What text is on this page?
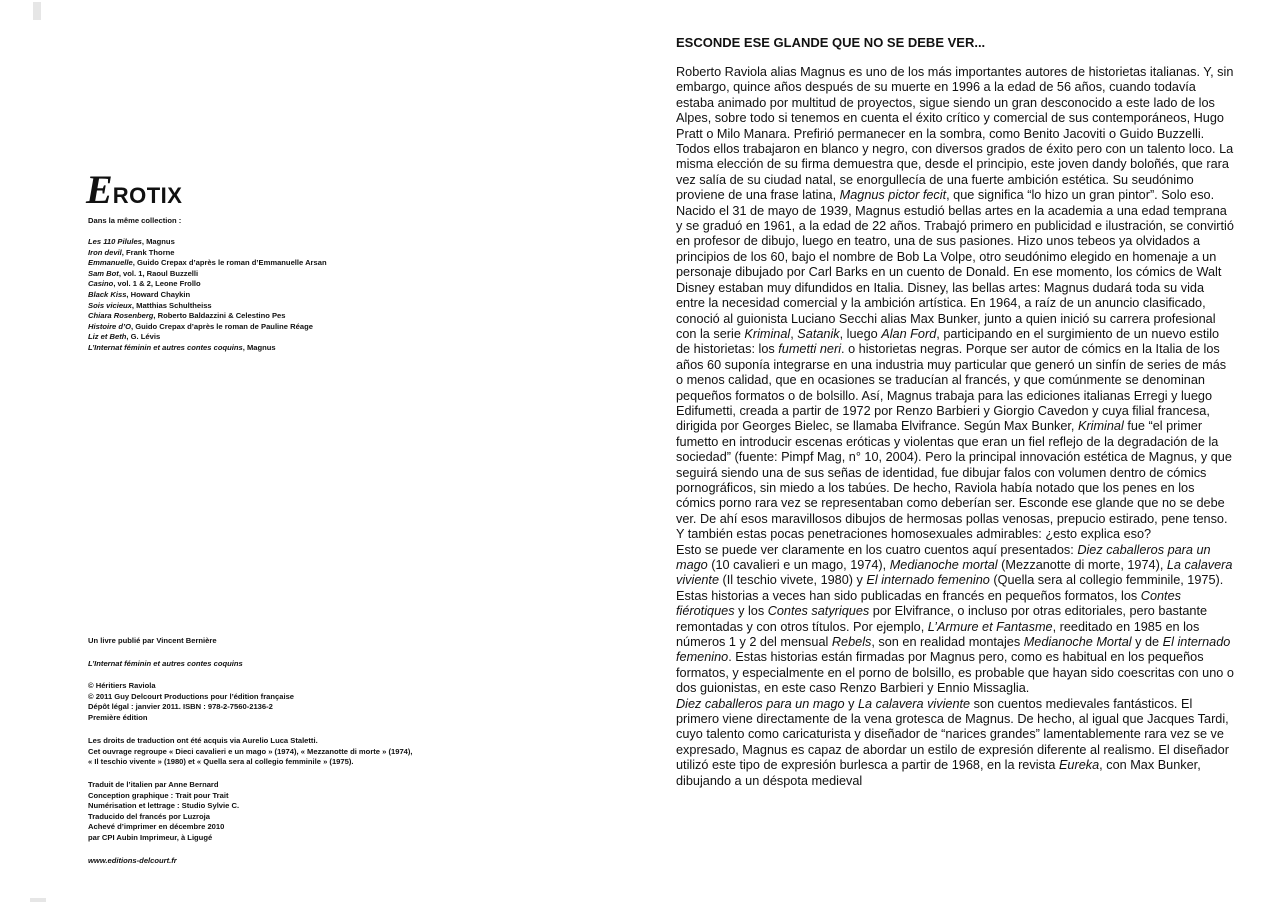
EROTIX
Dans la même collection :
Les 110 Pilules, Magnus
Iron devil, Frank Thorne
Emmanuelle, Guido Crepax d’après le roman d’Emmanuelle Arsan
Sam Bot, vol. 1, Raoul Buzzelli
Casino, vol. 1 & 2, Leone Frollo
Black Kiss, Howard Chaykin
Sois vicieux, Matthias Schultheiss
Chiara Rosenberg, Roberto Baldazzini & Celestino Pes
Histoire d’O, Guido Crepax d’après le roman de Pauline Réage
Liz et Beth, G. Lévis
L’Internat féminin et autres contes coquins, Magnus
Un livre publié par Vincent Bernière
L’Internat féminin et autres contes coquins
© Héritiers Raviola
© 2011 Guy Delcourt Productions pour l’édition française
Dépôt légal : janvier 2011. ISBN : 978-2-7560-2136-2
Première édition
Les droits de traduction ont été acquis via Aurelio Luca Staletti.
Cet ouvrage regroupe « Dieci cavalieri e un mago » (1974), « Mezzanotte di morte » (1974),
« Il teschio vivente » (1980) et « Quella sera al collegio femminile » (1975).
Traduit de l’italien par Anne Bernard
Conception graphique : Trait pour Trait
Numérisation et lettrage : Studio Sylvie C.
Traducido del francés por Luzroja
Achevé d’imprimer en décembre 2010
par CPI Aubin Imprimeur, à Ligugé
www.editions-delcourt.fr
ESCONDE ESE GLANDE QUE NO SE DEBE VER...

Roberto Raviola alias Magnus es uno de los más importantes autores de historietas italianas. Y, sin embargo, quince años después de su muerte en 1996 a la edad de 56 años, cuando todavía estaba animado por multitud de proyectos, sigue siendo un gran desconocido a este lado de los Alpes, sobre todo si tenemos en cuenta el éxito crítico y comercial de sus contemporáneos, Hugo Pratt o Milo Manara. Prefirió permanecer en la sombra, como Benito Jacoviti o Guido Buzzelli. Todos ellos trabajaron en blanco y negro, con diversos grados de éxito pero con un talento loco. La misma elección de su firma demuestra que, desde el principio, este joven dandy boloñés, que rara vez salía de su ciudad natal, se enorgullecía de una fuerte ambición estética. Su seudónimo proviene de una frase latina, Magnus pictor fecit, que significa “lo hizo un gran pintor”. Solo eso. Nacido el 31 de mayo de 1939, Magnus estudió bellas artes en la academia a una edad temprana y se graduó en 1961, a la edad de 22 años. Trabajó primero en publicidad e ilustración, se convirtió en profesor de dibujo, luego en teatro, una de sus pasiones. Hizo unos tebeos ya olvidados a principios de los 60, bajo el nombre de Bob La Volpe, otro seudónimo elegido en homenaje a un personaje dibujado por Carl Barks en un cuento de Donald. En ese momento, los cómics de Walt Disney estaban muy difundidos en Italia. Disney, las bellas artes: Magnus dudará toda su vida entre la necesidad comercial y la ambición artística. En 1964, a raíz de un anuncio clasificado, conoció al guionista Luciano Secchi alias Max Bunker, junto a quien inició su carrera profesional con la serie Kriminal, Satanik, luego Alan Ford, participando en el surgimiento de un nuevo estilo de historietas: los fumetti neri. o historietas negras. Porque ser autor de cómics en la Italia de los años 60 suponía integrarse en una industria muy particular que generó un sinfín de series de más o menos calidad, que en ocasiones se traducían al francés, y que comúnmente se denominan pequeños formatos o de bolsillo. Así, Magnus trabaja para las ediciones italianas Erregi y luego Edifumetti, creada a partir de 1972 por Renzo Barbieri y Giorgio Cavedon y cuya filial francesa, dirigida por Georges Bielec, se llamaba Elvifrance. Según Max Bunker, Kriminal fue “el primer fumetto en introducir escenas eróticas y violentas que eran un fiel reflejo de la degradación de la sociedad” (fuente: Pimpf Mag, n° 10, 2004). Pero la principal innovación estética de Magnus, y que seguirá siendo una de sus señas de identidad, fue dibujar falos con volumen dentro de cómics pornográficos, sin miedo a los tabúes. De hecho, Raviola había notado que los penes en los cómics porno rara vez se representaban como deberían ser. Esconde ese glande que no se debe ver. De ahí esos maravillosos dibujos de hermosas pollas venosas, prepucio estirado, pene tenso. Y también estas pocas penetraciones homosexuales admirables: ¿esto explica eso?

Esto se puede ver claramente en los cuatro cuentos aquí presentados: Diez caballeros para un mago (10 cavalieri e un mago, 1974), Medianoche mortal (Mezzanotte di morte, 1974), La calavera viviente (Il teschio vivete, 1980) y El internado femenino (Quella sera al collegio femminile, 1975). Estas historias a veces han sido publicadas en francés en pequeños formatos, los Contes fiérotiques y los Contes satyriques por Elvifrance, o incluso por otras editoriales, pero bastante remontadas y con otros títulos. Por ejemplo, L’Armure et Fantasme, reeditado en 1985 en los números 1 y 2 del mensual Rebels, son en realidad montajes Medianoche Mortal y de El internado femenino. Estas historias están firmadas por Magnus pero, como es habitual en los pequeños formatos, y especialmente en el porno de bolsillo, es probable que hayan sido coescritas con uno o dos guionistas, en este caso Renzo Barbieri y Ennio Missaglia.

Diez caballeros para un mago y La calavera viviente son cuentos medievales fantásticos. El primero viene directamente de la vena grotesca de Magnus. De hecho, al igual que Jacques Tardi, cuyo talento como caricaturista y diseñador de “narices grandes” lamentablemente rara vez se ve expresado, Magnus es capaz de abordar un estilo de expresión diferente al realismo. El diseñador utilizó este tipo de expresión burlesca a partir de 1968, en la revista Eureka, con Max Bunker, dibujando a un déspota medieval
